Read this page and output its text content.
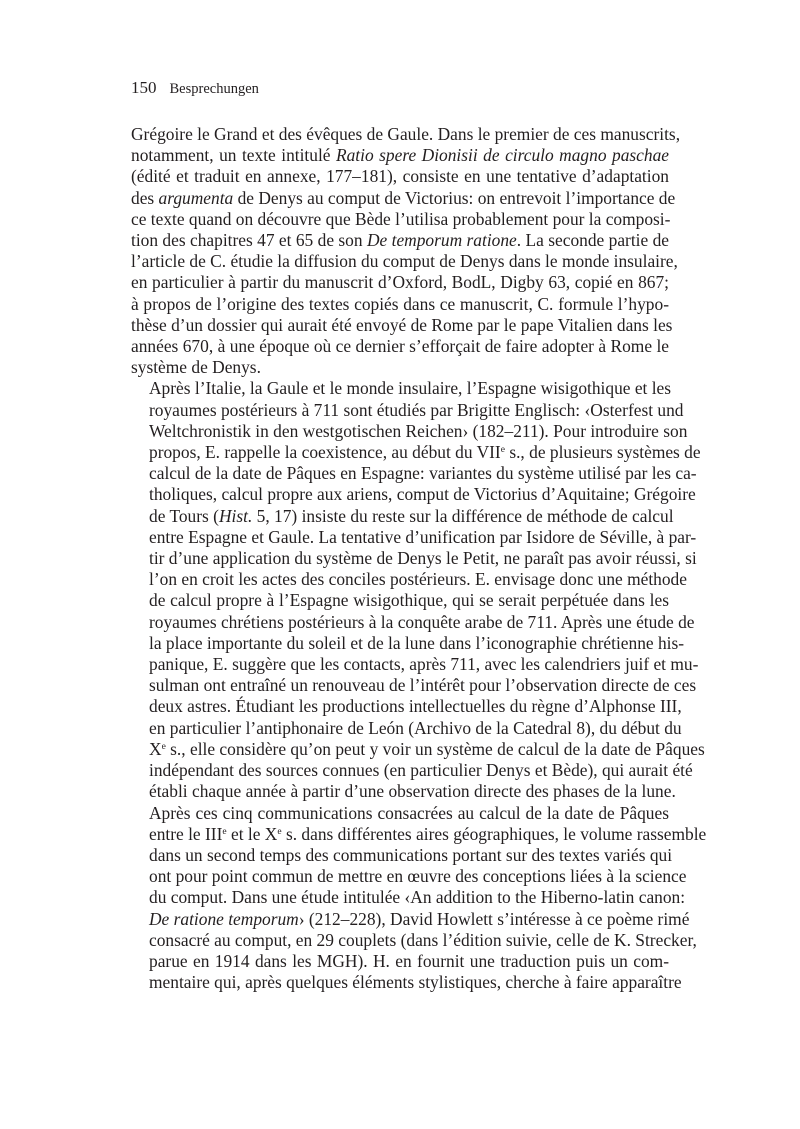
150 Besprechungen

Grégoire le Grand et des évêques de Gaule. Dans le premier de ces manuscrits,
notamment, un texte intitulé Ratio spere Dionisii de circulo magno paschae
(édité et traduit en annexe, 177–181), consiste en une tentative d’adaptation
des argumenta de Denys au comput de Victorius: on entrevoit l’importance de
ce texte quand on découvre que Bède l’utilisa probablement pour la composi-
tion des chapitres 47 et 65 de son De temporum ratione. La seconde partie de
l’article de C. étudie la diffusion du comput de Denys dans le monde insulaire,
en particulier à partir du manuscrit d’Oxford, BodL, Digby 63, copié en 867;
à propos de l’origine des textes copiés dans ce manuscrit, C. formule l’hypo-
thèse d’un dossier qui aurait été envoyé de Rome par le pape Vitalien dans les
années 670, à une époque où ce dernier s’efforçait de faire adopter à Rome le
système de Denys.

Après l’Italie, la Gaule et le monde insulaire, l’Espagne wisigothique et les
royaumes postérieurs à 711 sont étudiés par Brigitte Englisch: ‹Osterfest und
Weltchronistik in den westgotischen Reichen› (182–211). Pour introduire son
propos, E. rappelle la coexistence, au début du VIIe s., de plusieurs systèmes de
calcul de la date de Pâques en Espagne: variantes du système utilisé par les ca-
tholiques, calcul propre aux ariens, comput de Victorius d’Aquitaine; Grégoire
de Tours (Hist. 5, 17) insiste du reste sur la différence de méthode de calcul
entre Espagne et Gaule. La tentative d’unification par Isidore de Séville, à par-
tir d’une application du système de Denys le Petit, ne paraît pas avoir réussi, si
l’on en croit les actes des conciles postérieurs. E. envisage donc une méthode
de calcul propre à l’Espagne wisigothique, qui se serait perpétuée dans les
royaumes chrétiens postérieurs à la conquête arabe de 711. Après une étude de
la place importante du soleil et de la lune dans l’iconographie chrétienne his-
panique, E. suggère que les contacts, après 711, avec les calendriers juif et mu-
sulman ont entraîné un renouveau de l’intérêt pour l’observation directe de ces
deux astres. Étudiant les productions intellectuelles du règne d’Alphonse III,
en particulier l’antiphonaire de León (Archivo de la Catedral 8), du début du
Xe s., elle considère qu’on peut y voir un système de calcul de la date de Pâques
indépendant des sources connues (en particulier Denys et Bède), qui aurait été
établi chaque année à partir d’une observation directe des phases de la lune.

Après ces cinq communications consacrées au calcul de la date de Pâques
entre le IIIe et le Xe s. dans différentes aires géographiques, le volume rassemble
dans un second temps des communications portant sur des textes variés qui
ont pour point commun de mettre en œuvre des conceptions liées à la science
du comput. Dans une étude intitulée ‹An addition to the Hiberno-latin canon:
De ratione temporum› (212–228), David Howlett s’intéresse à ce poème rimé
consacré au comput, en 29 couplets (dans l’édition suivie, celle de K. Strecker,
parue en 1914 dans les MGH). H. en fournit une traduction puis un com-
mentaire qui, après quelques éléments stylistiques, cherche à faire apparaître
